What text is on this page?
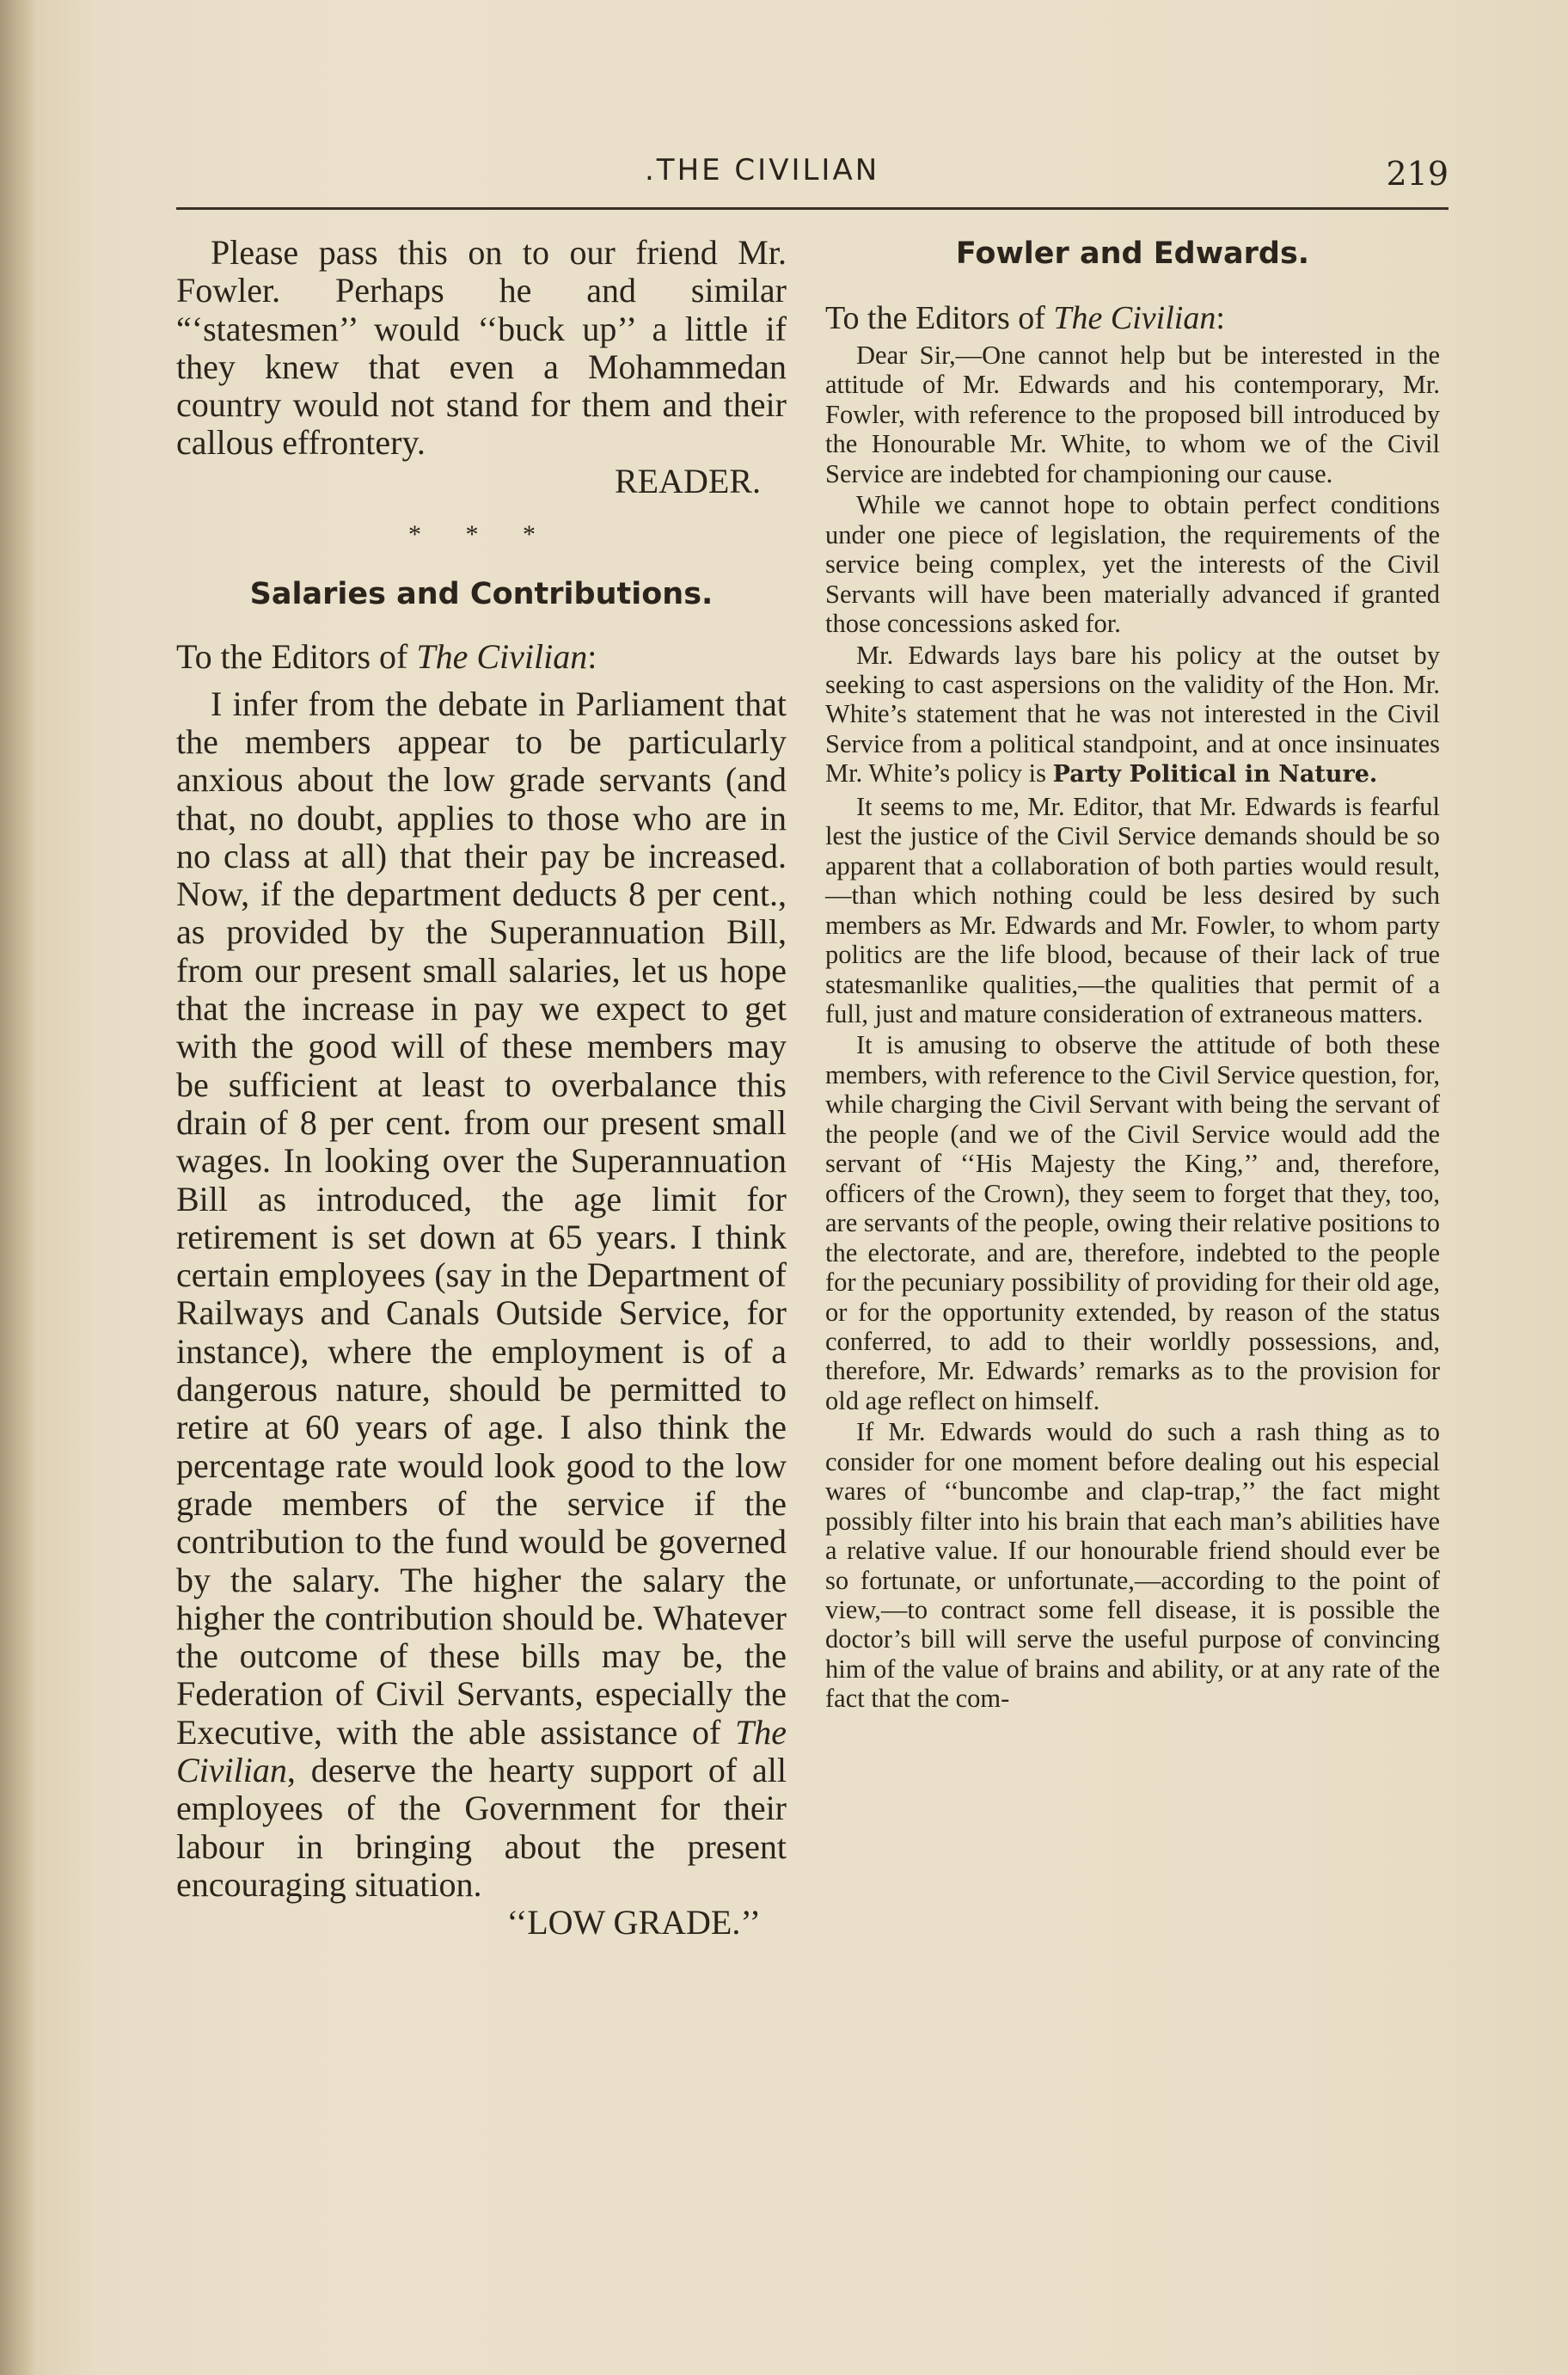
.THE CIVILIAN	219

Please pass this on to our friend Mr. Fowler. Perhaps he and similar “‘statesmen’’ would ‘‘buck up’’ a little if they knew that even a Mohammedan country would not stand for them and their callous effrontery.

READER.

* * *

Salaries and Contributions.

To the Editors of The Civilian:

I infer from the debate in Parliament that the members appear to be particularly anxious about the low grade servants (and that, no doubt, applies to those who are in no class at all) that their pay be increased. Now, if the department deducts 8 per cent., as provided by the Superannuation Bill, from our present small salaries, let us hope that the increase in pay we expect to get with the good will of these members may be sufficient at least to overbalance this drain of 8 per cent. from our present small wages. In looking over the Superannuation Bill as introduced, the age limit for retirement is set down at 65 years. I think certain employees (say in the Department of Railways and Canals Outside Service, for instance), where the employment is of a dangerous nature, should be permitted to retire at 60 years of age. I also think the percentage rate would look good to the low grade members of the service if the contribution to the fund would be governed by the salary. The higher the salary the higher the contribution should be. Whatever the outcome of these bills may be, the Federation of Civil Servants, especially the Executive, with the able assistance of The Civilian, deserve the hearty support of all employees of the Government for their labour in bringing about the present encouraging situation.

‘‘LOW GRADE.’’

Fowler and Edwards.

To the Editors of The Civilian:

Dear Sir,—One cannot help but be interested in the attitude of Mr. Edwards and his contemporary, Mr. Fowler, with reference to the proposed bill introduced by the Honourable Mr. White, to whom we of the Civil Service are indebted for championing our cause.

While we cannot hope to obtain perfect conditions under one piece of legislation, the requirements of the service being complex, yet the interests of the Civil Servants will have been materially advanced if granted those concessions asked for.

Mr. Edwards lays bare his policy at the outset by seeking to cast aspersions on the validity of the Hon. Mr. White’s statement that he was not interested in the Civil Service from a political standpoint, and at once insinuates Mr. White’s policy is Party Political in Nature.

It seems to me, Mr. Editor, that Mr. Edwards is fearful lest the justice of the Civil Service demands should be so apparent that a collaboration of both parties would result,—than which nothing could be less desired by such members as Mr. Edwards and Mr. Fowler, to whom party politics are the life blood, because of their lack of true statesmanlike qualities,—the qualities that permit of a full, just and mature consideration of extraneous matters.

It is amusing to observe the attitude of both these members, with reference to the Civil Service question, for, while charging the Civil Servant with being the servant of the people (and we of the Civil Service would add the servant of ‘‘His Majesty the King,’’ and, therefore, officers of the Crown), they seem to forget that they, too, are servants of the people, owing their relative positions to the electorate, and are, therefore, indebted to the people for the pecuniary possibility of providing for their old age, or for the opportunity extended, by reason of the status conferred, to add to their worldly possessions, and, therefore, Mr. Edwards’ remarks as to the provision for old age reflect on himself.

If Mr. Edwards would do such a rash thing as to consider for one moment before dealing out his especial wares of ‘‘buncombe and clap-trap,’’ the fact might possibly filter into his brain that each man’s abilities have a relative value. If our honourable friend should ever be so fortunate, or unfortunate,—according to the point of view,—to contract some fell disease, it is possible the doctor’s bill will serve the useful purpose of convincing him of the value of brains and ability, or at any rate of the fact that the com-
